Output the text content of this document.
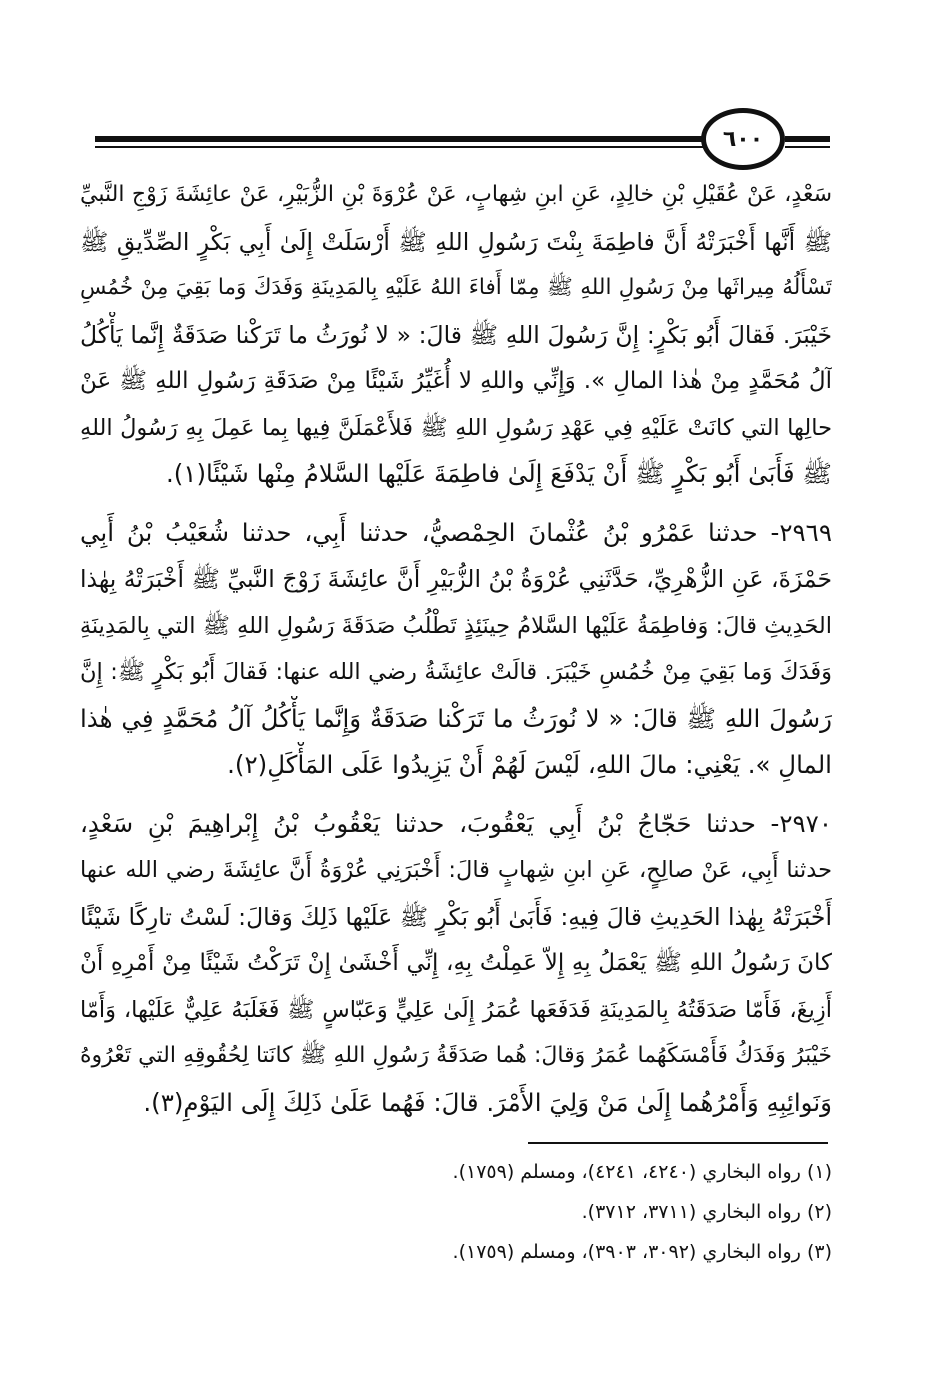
٦٠٠
سَعْدٍ، عَنْ عُقَيْلِ بْنِ خالِدٍ، عَنِ ابنِ شِهابٍ، عَنْ عُرْوَةَ بْنِ الزُّبَيْرِ، عَنْ عائِشَةَ زَوْجِ النَّبيِّ
ﷺ أَنَّها أَخْبَرَتْهُ أَنَّ فاطِمَةَ بِنْتَ رَسُولِ اللهِ ﷺ أَرْسَلَتْ إِلَىٰ أَبِي بَكْرٍ الصِّدِّيقِ ﷺ
تَسْأَلُهُ مِيراثَها مِنْ رَسُولِ اللهِ ﷺ مِمّا أَفاءَ اللهُ عَلَيْهِ بِالمَدِينَةِ وَفَدَكَ وَما بَقِيَ مِنْ خُمُسِ
خَيْبَرَ. فَقالَ أَبُو بَكْرٍ: إِنَّ رَسُولَ اللهِ ﷺ قالَ: « لا نُورَثُ ما تَرَكْنا صَدَقَةٌ إِنَّما يَأْكُلُ
آلُ مُحَمَّدٍ مِنْ هٰذا المالِ ». وَإِنِّي واللهِ لا أُغَيِّرُ شَيْئًا مِنْ صَدَقَةِ رَسُولِ اللهِ ﷺ عَنْ
حالِها التي كانَتْ عَلَيْهِ فِي عَهْدِ رَسُولِ اللهِ ﷺ فَلأَعْمَلَنَّ فِيها بِما عَمِلَ بِهِ رَسُولُ اللهِ
ﷺ فَأَبَىٰ أَبُو بَكْرٍ ﷺ أَنْ يَدْفَعَ إِلَىٰ فاطِمَةَ عَلَيْها السَّلامُ مِنْها شَيْئًا(١).
٢٩٦٩- حدثنا عَمْرُو بْنُ عُثْمانَ الحِمْصيُّ، حدثنا أَبِي، حدثنا شُعَيْبُ بْنُ أَبِي
حَمْزَةَ، عَنِ الزُّهْرِيِّ، حَدَّثَنِي عُرْوَةُ بْنُ الزُّبَيْرِ أَنَّ عائِشَةَ زَوْجَ النَّبيِّ ﷺ أَخْبَرَتْهُ بِهٰذا
الحَدِيثِ قالَ: وَفاطِمَةُ عَلَيْها السَّلامُ حِينَئِذٍ تَطْلُبُ صَدَقَةَ رَسُولِ اللهِ ﷺ التي بِالمَدِينَةِ
وَفَدَكَ وَما بَقِيَ مِنْ خُمُسِ خَيْبَرَ. قالَتْ عائِشَةُ رضي الله عنها: فَقالَ أَبُو بَكْرٍ ﷺ: إِنَّ
رَسُولَ اللهِ ﷺ قالَ: « لا نُورَثُ ما تَرَكْنا صَدَقَةٌ وَإِنَّما يَأْكُلُ آلُ مُحَمَّدٍ فِي هٰذا
المالِ ». يَعْنِي: مالَ اللهِ، لَيْسَ لَهُمْ أَنْ يَزِيدُوا عَلَى المَأْكَلِ(٢).
٢٩٧٠- حدثنا حَجّاجُ بْنُ أَبِي يَعْقُوبَ، حدثنا يَعْقُوبُ بْنُ إِبْراهِيمَ بْنِ سَعْدٍ،
حدثنا أَبِي، عَنْ صالِحٍ، عَنِ ابنِ شِهابٍ قالَ: أَخْبَرَنِي عُرْوَةُ أَنَّ عائِشَةَ رضي الله عنها
أَخْبَرَتْهُ بِهٰذا الحَدِيثِ قالَ فِيهِ: فَأَبَىٰ أَبُو بَكْرٍ ﷺ عَلَيْها ذَلِكَ وَقالَ: لَسْتُ تارِكًا شَيْئًا
كانَ رَسُولُ اللهِ ﷺ يَعْمَلُ بِهِ إِلاّ عَمِلْتُ بِهِ، إِنِّي أَخْشَىٰ إِنْ تَرَكْتُ شَيْئًا مِنْ أَمْرِهِ أَنْ
أَزِيغَ، فَأَمّا صَدَقَتُهُ بِالمَدِينَةِ فَدَفَعَها عُمَرُ إِلَىٰ عَلِيٍّ وَعَبّاسٍ ﷺ فَغَلَبَهُ عَلِيٌّ عَلَيْها، وَأَمّا
خَيْبَرُ وَفَدَكُ فَأَمْسَكَهُما عُمَرُ وَقالَ: هُما صَدَقَةُ رَسُولِ اللهِ ﷺ كانَتا لِحُقُوقِهِ التي تَعْرُوهُ
وَنَوائِبِهِ وَأَمْرُهُما إِلَىٰ مَنْ وَلِيَ الأَمْرَ. قالَ: فَهُما عَلَىٰ ذَلِكَ إِلَى اليَوْمِ(٣).
(١) رواه البخاري (٤٢٤٠، ٤٢٤١)، ومسلم (١٧٥٩).
(٢) رواه البخاري (٣٧١١، ٣٧١٢).
(٣) رواه البخاري (٣٠٩٢، ٣٩٠٣)، ومسلم (١٧٥٩).
